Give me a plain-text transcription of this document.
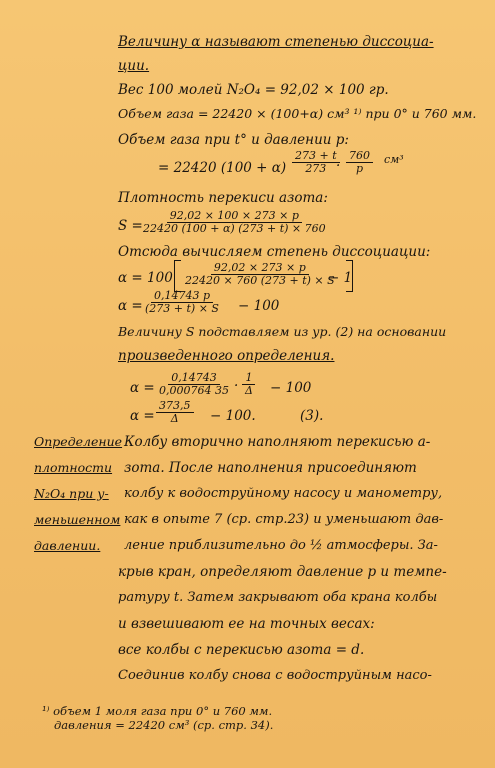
Величину α называют степенью диссоциа-
ции.
Вес 100 молей N₂O₄ = 92,02 × 100 гр.
Объем газа = 22420 × (100+α) см³ ¹⁾ при 0° и 760 мм.
Объем газа при t° и давлении p:
= 22420 $(100 + \alpha) \frac{273 + t}{273}$
· $\frac{760}{p} см^3$
Плотность перекиси азота:
S =
$\frac{92,02 \times 100 \times 273 \times p}{22420 (100 + \alpha) (273 + t) \times 760}$
Отсюда вычисляем степень диссоциации:
$\alpha = 100 \frac{92,02 \times 273 \times p}{22420 \times 760 (273 + t) \times S}$
− 1
$\alpha = \frac{0,14743 p}{(273 + t) \times S} - 100$
Величину S подставляем из ур. (2) на основании
произведенного определения.
$\alpha = \frac{0,14743}{0,000764 35} \cdot \frac{1}{\Delta} - 100$
$\alpha = \frac{373,5}{\Delta} - 100$.	(3).
Определение
плотности
N₂O₄ при у-
меньшенном
давлении.
Колбу вторично наполняют перекисью а-
зота. После наполнения присоединяют
колбу к водоструйному насосу и манометру,
как в опыте 7 (ср. стр.23) и уменьшают дав-
ление приблизительно до ½ атмосферы. За-
крыв кран, определяют давление p и темпе-
ратуру t. Затем закрывают оба крана колбы
и взвешивают ее на точных весах:
все колбы с перекисью азота = d.
Соединив колбу снова с водоструйным насо-
¹⁾ объем 1 моля газа при 0° и 760 мм.
давления = 22420 см³ (ср. стр. 34).
